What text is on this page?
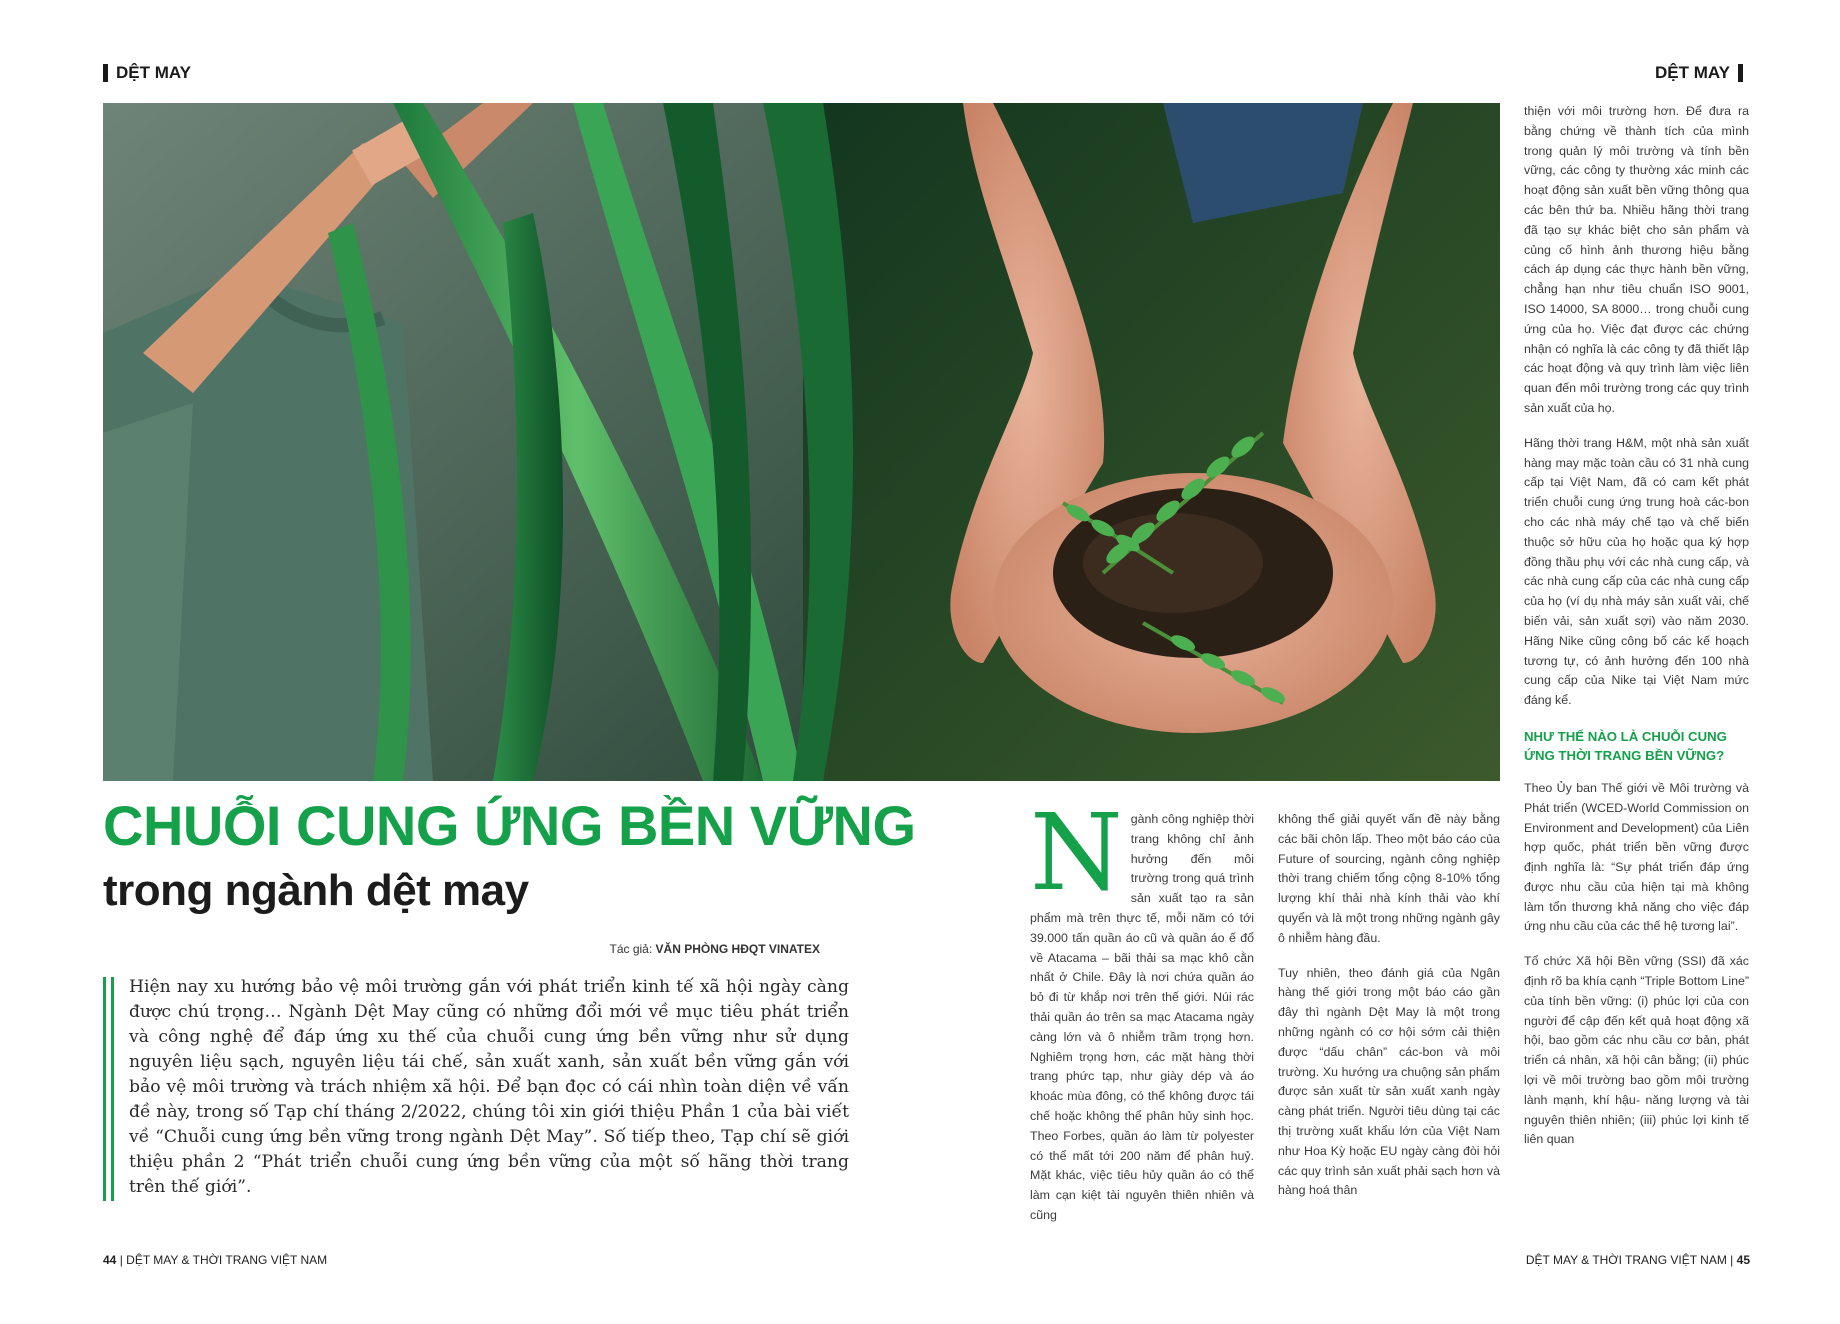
DỆT MAY	DỆT MAY
CHUỖI CUNG ỨNG BỀN VỮNG
trong ngành dệt may
Tác giả: VĂN PHÒNG HĐQT VINATEX

Hiện nay xu hướng bảo vệ môi trường gắn với phát triển kinh tế xã hội ngày càng được chú trọng… Ngành Dệt May cũng có những đổi mới về mục tiêu phát triển và công nghệ để đáp ứng xu thế của chuỗi cung ứng bền vững như sử dụng nguyên liệu sạch, nguyên liệu tái chế, sản xuất xanh, sản xuất bền vững gắn với bảo vệ môi trường và trách nhiệm xã hội. Để bạn đọc có cái nhìn toàn diện về vấn đề này, trong số Tạp chí tháng 2/2022, chúng tôi xin giới thiệu Phần 1 của bài viết về “Chuỗi cung ứng bền vững trong ngành Dệt May”. Số tiếp theo, Tạp chí sẽ giới thiệu phần 2 “Phát triển chuỗi cung ứng bền vững của một số hãng thời trang trên thế giới”.

Ngành công nghiệp thời trang không chỉ ảnh hưởng đến môi trường trong quá trình sản xuất tạo ra sản phẩm mà trên thực tế, mỗi năm có tới 39.000 tấn quần áo cũ và quần áo ế đổ về Atacama – bãi thải sa mạc khô cằn nhất ở Chile. Đây là nơi chứa quần áo bỏ đi từ khắp nơi trên thế giới. Núi rác thải quần áo trên sa mạc Atacama ngày càng lớn và ô nhiễm trầm trọng hơn. Nghiêm trọng hơn, các mặt hàng thời trang phức tạp, như giày dép và áo khoác mùa đông, có thể không được tái chế hoặc không thể phân hủy sinh học. Theo Forbes, quần áo làm từ polyester có thể mất tới 200 năm để phân huỷ. Mặt khác, việc tiêu hủy quần áo có thể làm cạn kiệt tài nguyên thiên nhiên và cũng

không thể giải quyết vấn đề này bằng các bãi chôn lấp. Theo một báo cáo của Future of sourcing, ngành công nghiệp thời trang chiếm tổng cộng 8-10% tổng lượng khí thải nhà kính thải vào khí quyển và là một trong những ngành gây ô nhiễm hàng đầu.

Tuy nhiên, theo đánh giá của Ngân hàng thế giới trong một báo cáo gần đây thì ngành Dệt May là một trong những ngành có cơ hội sớm cải thiện được “dấu chân” các-bon và môi trường. Xu hướng ưa chuộng sản phẩm được sản xuất từ sản xuất xanh ngày càng phát triển. Người tiêu dùng tại các thị trường xuất khẩu lớn của Việt Nam như Hoa Kỳ hoặc EU ngày càng đòi hỏi các quy trình sản xuất phải sạch hơn và hàng hoá thân

thiện với môi trường hơn. Để đưa ra bằng chứng về thành tích của mình trong quản lý môi trường và tính bền vững, các công ty thường xác minh các hoạt động sản xuất bền vững thông qua các bên thứ ba. Nhiều hãng thời trang đã tạo sự khác biệt cho sản phẩm và củng cố hình ảnh thương hiệu bằng cách áp dụng các thực hành bền vững, chẳng hạn như tiêu chuẩn ISO 9001, ISO 14000, SA 8000… trong chuỗi cung ứng của họ. Việc đạt được các chứng nhận có nghĩa là các công ty đã thiết lập các hoạt động và quy trình làm việc liên quan đến môi trường trong các quy trình sản xuất của họ.

Hãng thời trang H&M, một nhà sản xuất hàng may mặc toàn cầu có 31 nhà cung cấp tại Việt Nam, đã có cam kết phát triển chuỗi cung ứng trung hoà các-bon cho các nhà máy chế tạo và chế biến thuộc sở hữu của họ hoặc qua ký hợp đồng thầu phụ với các nhà cung cấp, và các nhà cung cấp của các nhà cung cấp của họ (ví dụ nhà máy sản xuất vải, chế biến vải, sản xuất sợi) vào năm 2030. Hãng Nike cũng công bố các kế hoạch tương tự, có ảnh hưởng đến 100 nhà cung cấp của Nike tại Việt Nam mức đáng kể.

NHƯ THẾ NÀO LÀ CHUỖI CUNG ỨNG THỜI TRANG BỀN VỮNG?

Theo Ủy ban Thế giới về Môi trường và Phát triển (WCED-World Commission on Environment and Development) của Liên hợp quốc, phát triển bền vững được định nghĩa là: “Sự phát triển đáp ứng được nhu cầu của hiện tại mà không làm tổn thương khả năng cho việc đáp ứng nhu cầu của các thế hệ tương lai”.

Tổ chức Xã hội Bền vững (SSI) đã xác định rõ ba khía cạnh “Triple Bottom Line” của tính bền vững: (i) phúc lợi của con người để cập đến kết quả hoạt động xã hội, bao gồm các nhu cầu cơ bản, phát triển cá nhân, xã hội cân bằng; (ii) phúc lợi về môi trường bao gồm môi trường lành mạnh, khí hậu- năng lượng và tài nguyên thiên nhiên; (iii) phúc lợi kinh tế liên quan

44 | DỆT MAY & THỜI TRANG VIỆT NAM	DỆT MAY & THỜI TRANG VIỆT NAM | 45
